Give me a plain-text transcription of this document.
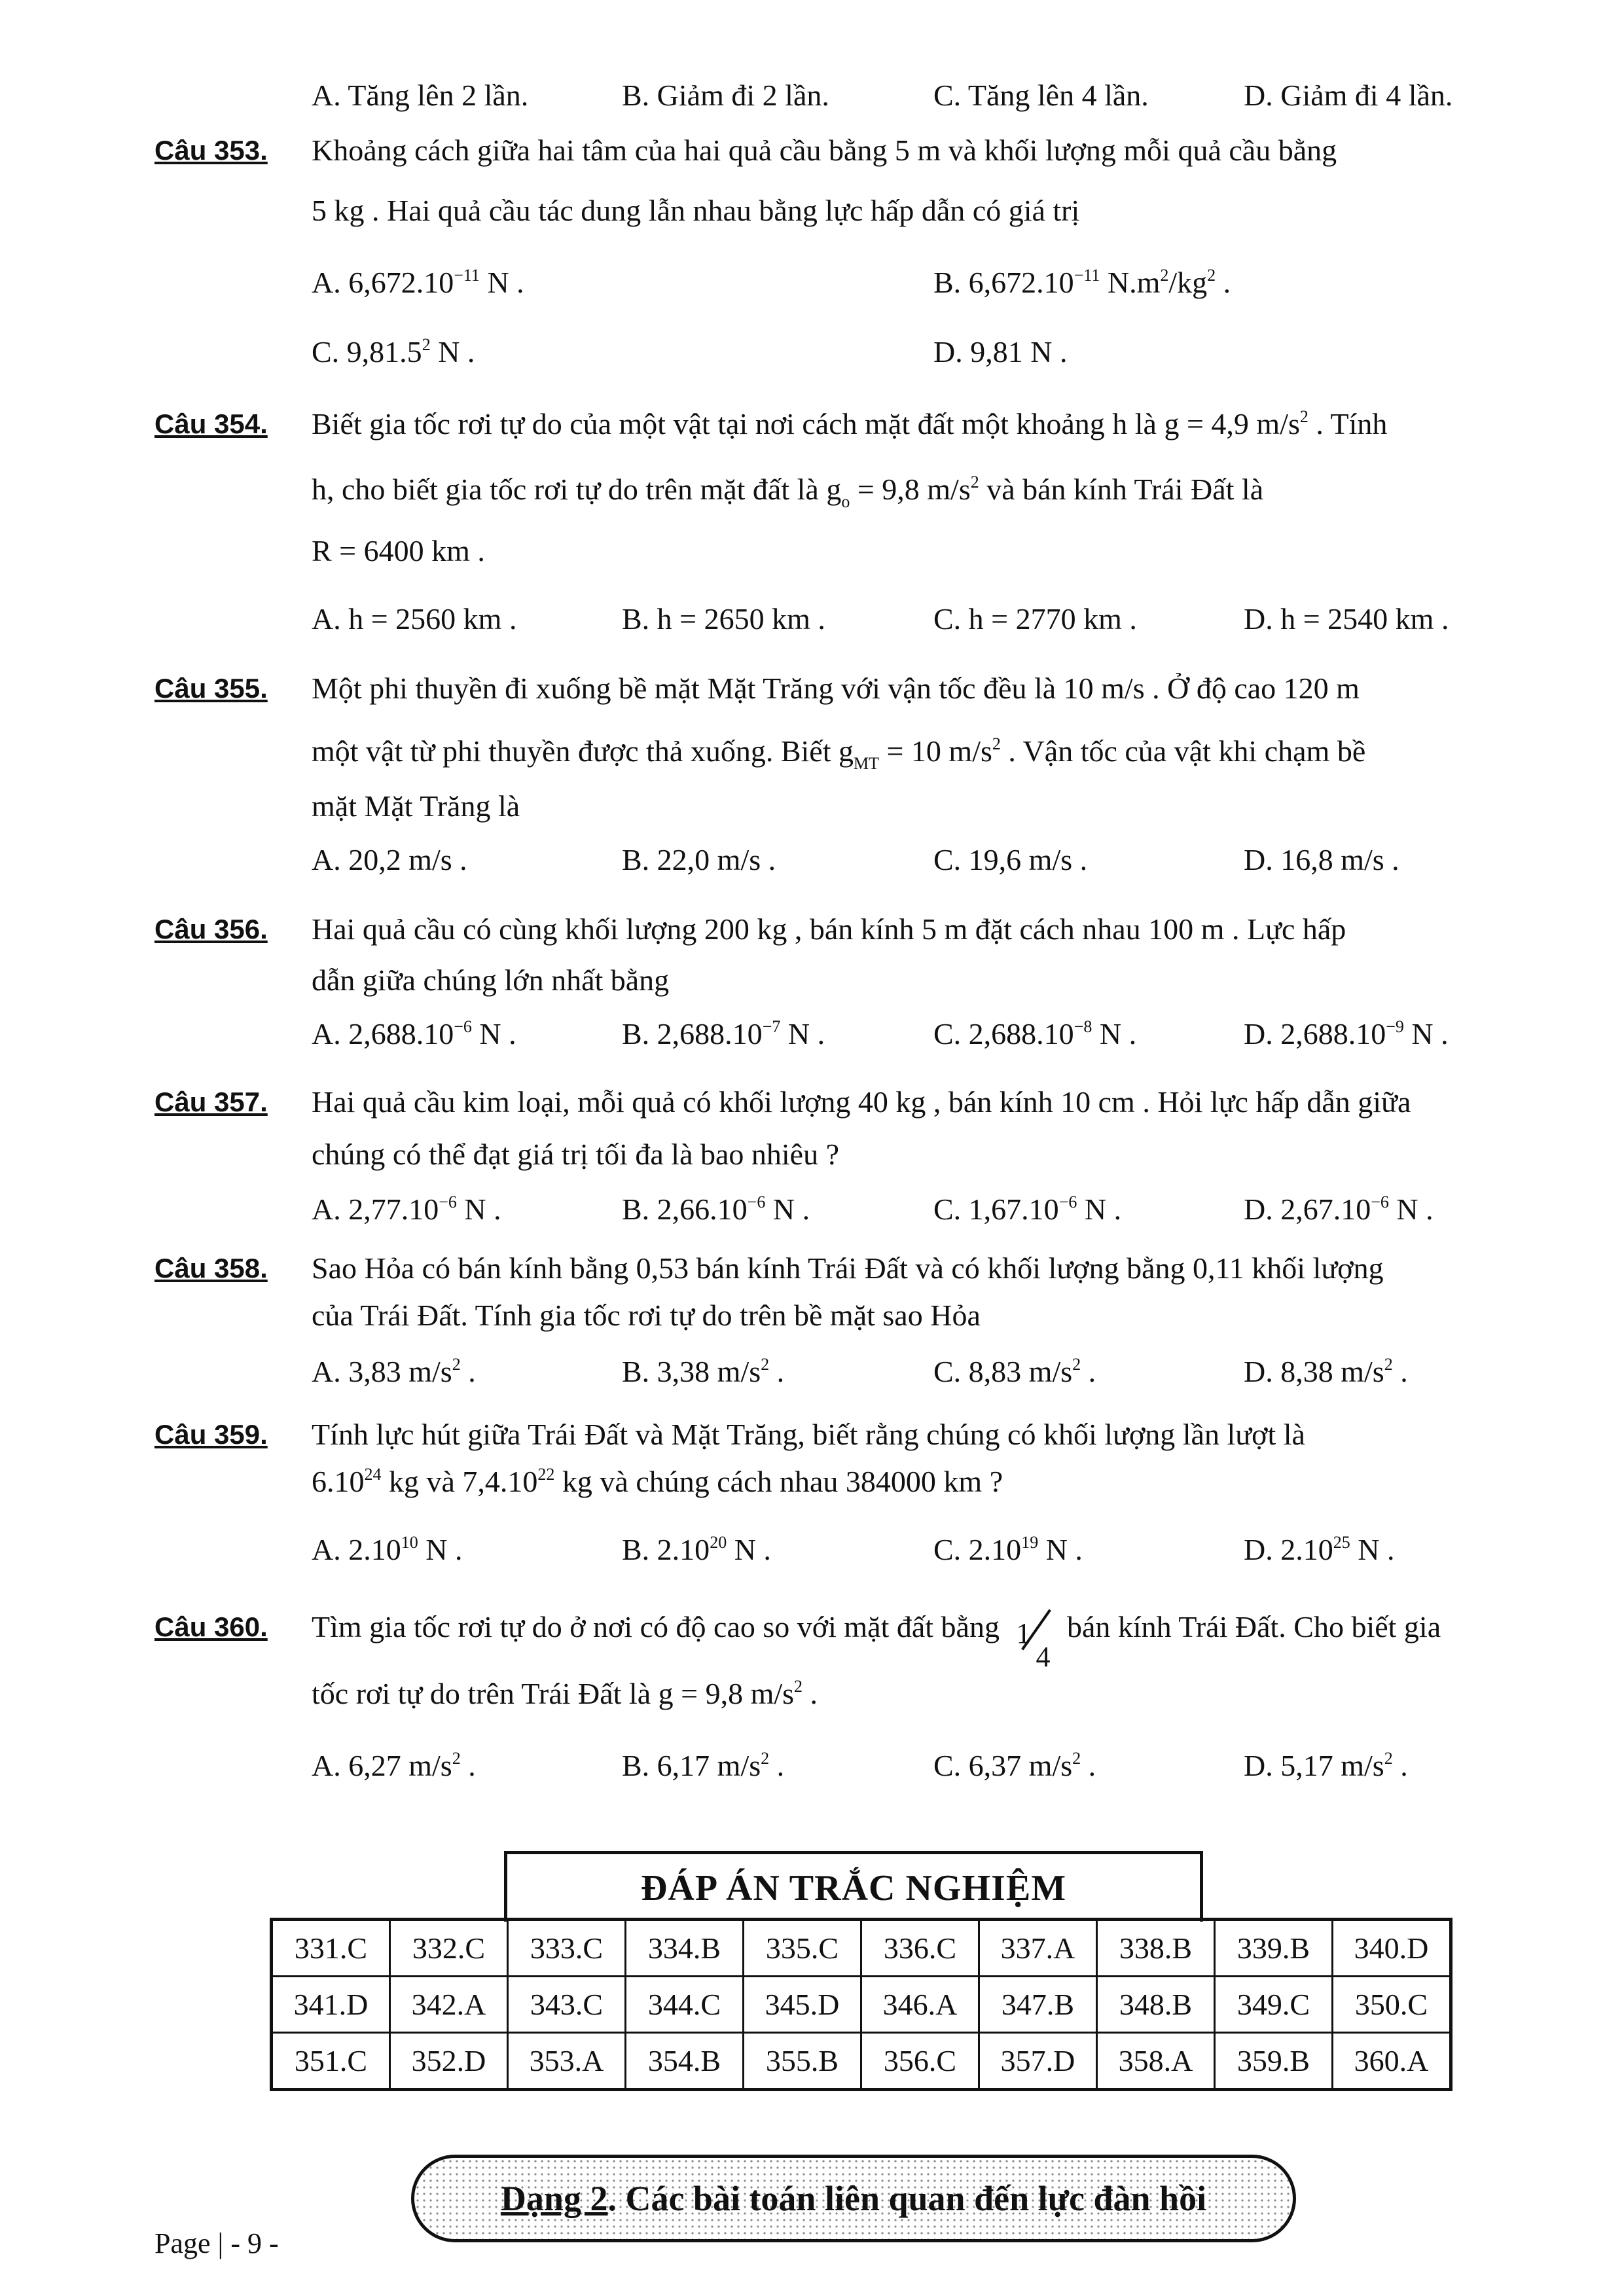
A. Tăng lên 2 lần.	B. Giảm đi 2 lần.	C. Tăng lên 4 lần.	D. Giảm đi 4 lần.
Câu 353. Khoảng cách giữa hai tâm của hai quả cầu bằng 5 m và khối lượng mỗi quả cầu bằng
5 kg . Hai quả cầu tác dung lẫn nhau bằng lực hấp dẫn có giá trị
A. $6,672.10^{-11}$ N .	B. $6,672.10^{-11}$ $N.m^2/kg^2$ .
C. 9,81.5$^2$ N .	D. 9,81 N .
Câu 354. Biết gia tốc rơi tự do của một vật tại nơi cách mặt đất một khoảng h là g = 4,9 $m/s^2$ . Tính
h, cho biết gia tốc rơi tự do trên mặt đất là $g_o = 9,8$ $m/s^2$ và bán kính Trái Đất là
R = 6400 km .
A. h = 2560 km .	B. h = 2650 km .	C. h = 2770 km .	D. h = 2540 km .
Câu 355. Một phi thuyền đi xuống bề mặt Mặt Trăng với vận tốc đều là 10 m/s . Ở độ cao 120 m
một vật từ phi thuyền được thả xuống. Biết $g_{MT} = 10$ $m/s^2$ . Vận tốc của vật khi chạm bề
mặt Mặt Trăng là
A. 20,2 m/s .	B. 22,0 m/s .	C. 19,6 m/s .	D. 16,8 m/s .
Câu 356. Hai quả cầu có cùng khối lượng 200 kg , bán kính 5 m đặt cách nhau 100 m . Lực hấp
dẫn giữa chúng lớn nhất bằng
A. $2,688.10^{-6}$ N .	B. $2,688.10^{-7}$ N .	C. $2,688.10^{-8}$ N .	D. $2,688.10^{-9}$ N .
Câu 357. Hai quả cầu kim loại, mỗi quả có khối lượng 40 kg , bán kính 10 cm . Hỏi lực hấp dẫn giữa
chúng có thể đạt giá trị tối đa là bao nhiêu ?
A. $2,77.10^{-6}$ N .	B. $2,66.10^{-6}$ N .	C. $1,67.10^{-6}$ N .	D. $2,67.10^{-6}$ N .
Câu 358. Sao Hỏa có bán kính bằng 0,53 bán kính Trái Đất và có khối lượng bằng 0,11 khối lượng
của Trái Đất. Tính gia tốc rơi tự do trên bề mặt sao Hỏa
A. 3,83 $m/s^2$ .	B. 3,38 $m/s^2$ .	C. 8,83 $m/s^2$ .	D. 8,38 $m/s^2$ .
Câu 359. Tính lực hút giữa Trái Đất và Mặt Trăng, biết rằng chúng có khối lượng lần lượt là
6.10$^{24}$ kg và 7,4.10$^{22}$ kg và chúng cách nhau 384000 km ?
A. 2.10$^{10}$ N .	B. 2.10$^{20}$ N .	C. 2.10$^{19}$ N .	D. 2.10$^{25}$ N .
Câu 360. Tìm gia tốc rơi tự do ở nơi có độ cao so với mặt đất bằng 1
4
bán kính Trái Đất. Cho biết gia
tốc rơi tự do trên Trái Đất là g = 9,8 $m/s^2$ .
A. 6,27 $m/s^2$ .	B. 6,17 $m/s^2$ .	C. 6,37 $m/s^2$ .	D. 5,17 $m/s^2$ .
ĐÁP ÁN TRẮC NGHIỆM
331.C	332.C	333.C	334.B	335.C	336.C	337.A	338.B	339.B	340.D
341.D	342.A	343.C	344.C	345.D	346.A	347.B	348.B	349.C	350.C
351.C	352.D	353.A	354.B	355.B	356.C	357.D	358.A	359.B	360.A
Dạng 2. Các bài toán liên quan đến lực đàn hồi
Page | - 9 -
